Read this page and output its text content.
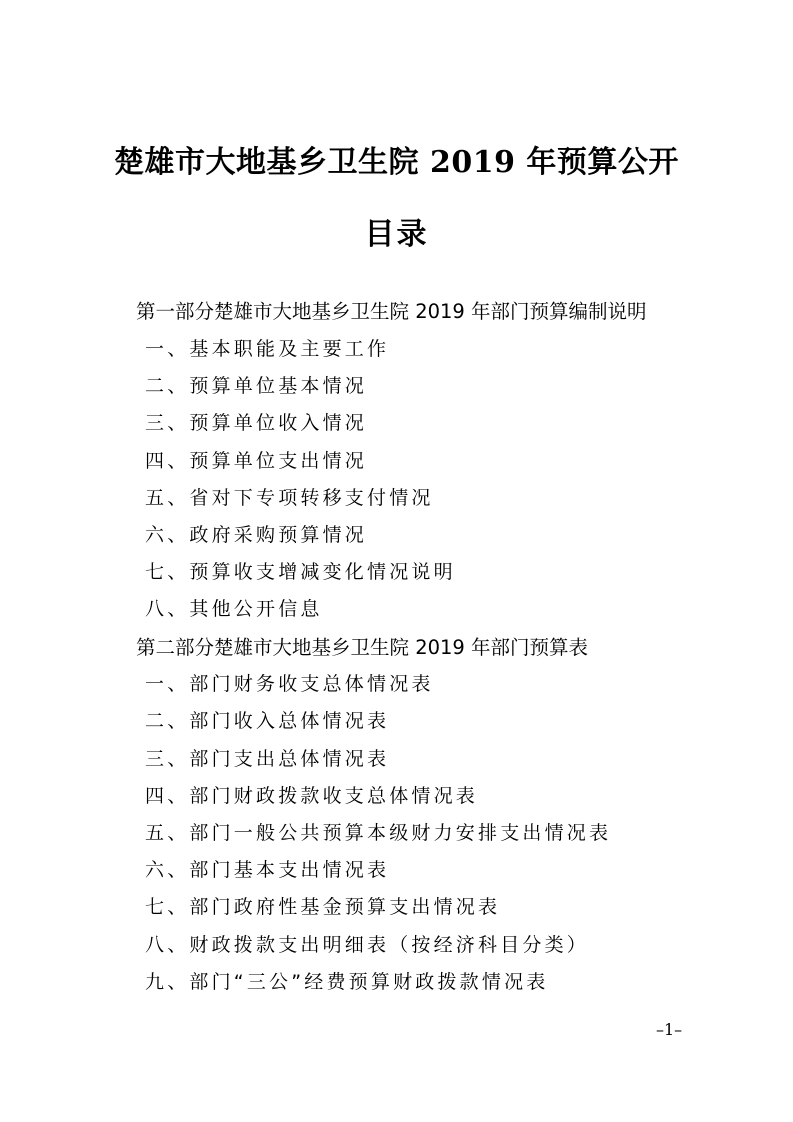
楚雄市大地基乡卫生院 2019 年预算公开
目录

第一部分楚雄市大地基乡卫生院 2019 年部门预算编制说明

一、基本职能及主要工作

二、预算单位基本情况

三、预算单位收入情况

四、预算单位支出情况

五、省对下专项转移支付情况

六、政府采购预算情况

七、预算收支增减变化情况说明

八、其他公开信息

第二部分楚雄市大地基乡卫生院 2019 年部门预算表

一、部门财务收支总体情况表

二、部门收入总体情况表

三、部门支出总体情况表

四、部门财政拨款收支总体情况表

五、部门一般公共预算本级财力安排支出情况表

六、部门基本支出情况表

七、部门政府性基金预算支出情况表

八、财政拨款支出明细表（按经济科目分类）

九、部门“三公”经费预算财政拨款情况表

–1–
